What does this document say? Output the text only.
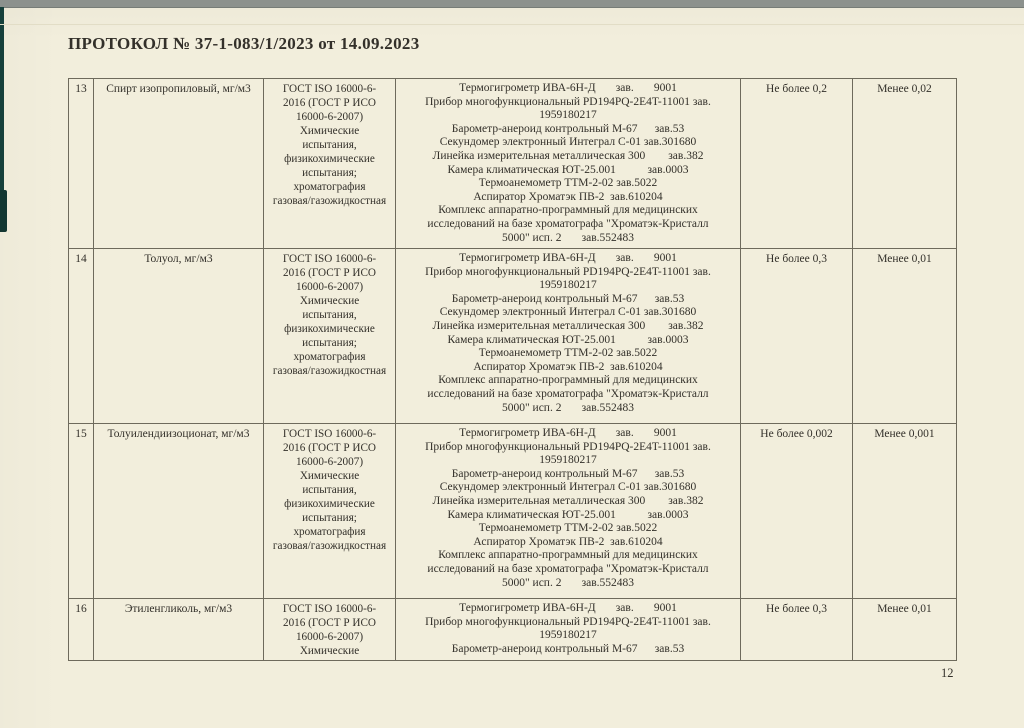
ПРОТОКОЛ № 37-1-083/1/2023 от 14.09.2023
13	Спирт изопропиловый, мг/м3	ГОСТ ISO 16000-6-
2016 (ГОСТ Р ИСО
16000-6-2007)
Химические
испытания,
физикохимические
испытания;
хроматография
газовая/газожидкостная

Термогигрометр ИВА-6Н-Д       зав.       9001
Прибор многофункциональный PD194PQ-2E4T-11001 зав.
1959180217
Барометр-анероид контрольный М-67      зав.53
Секундомер электронный Интеграл С-01 зав.301680
Линейка измерительная металлическая 300        зав.382
Камера климатическая ЮТ-25.001           зав.0003
Термоанемометр ТТМ-2-02 зав.5022
Аспиратор Хроматэк ПВ-2  зав.610204
Комплекс аппаратно-программный для медицинских
исследований на базе хроматографа "Хроматэк-Кристалл
5000" исп. 2       зав.552483
	Не более 0,2	Менее 0,02
14	Толуол, мг/м3	ГОСТ ISO 16000-6-
2016 (ГОСТ Р ИСО
16000-6-2007)
Химические
испытания,
физикохимические
испытания;
хроматография
газовая/газожидкостная

Термогигрометр ИВА-6Н-Д       зав.       9001
Прибор многофункциональный PD194PQ-2E4T-11001 зав.
1959180217
Барометр-анероид контрольный М-67      зав.53
Секундомер электронный Интеграл С-01 зав.301680
Линейка измерительная металлическая 300        зав.382
Камера климатическая ЮТ-25.001           зав.0003
Термоанемометр ТТМ-2-02 зав.5022
Аспиратор Хроматэк ПВ-2  зав.610204
Комплекс аппаратно-программный для медицинских
исследований на базе хроматографа "Хроматэк-Кристалл
5000" исп. 2       зав.552483
	Не более 0,3	Менее 0,01
15	Толуилендиизоционат, мг/м3	ГОСТ ISO 16000-6-
2016 (ГОСТ Р ИСО
16000-6-2007)
Химические
испытания,
физикохимические
испытания;
хроматография
газовая/газожидкостная

Термогигрометр ИВА-6Н-Д       зав.       9001
Прибор многофункциональный PD194PQ-2E4T-11001 зав.
1959180217
Барометр-анероид контрольный М-67      зав.53
Секундомер электронный Интеграл С-01 зав.301680
Линейка измерительная металлическая 300        зав.382
Камера климатическая ЮТ-25.001           зав.0003
Термоанемометр ТТМ-2-02 зав.5022
Аспиратор Хроматэк ПВ-2  зав.610204
Комплекс аппаратно-программный для медицинских
исследований на базе хроматографа "Хроматэк-Кристалл
5000" исп. 2       зав.552483
	Не более 0,002	Менее 0,001
16	Этиленгликоль, мг/м3	ГОСТ ISO 16000-6-
2016 (ГОСТ Р ИСО
16000-6-2007)
Химические

Термогигрометр ИВА-6Н-Д       зав.       9001
Прибор многофункциональный PD194PQ-2E4T-11001 зав.
1959180217
Барометр-анероид контрольный М-67      зав.53
	Не более 0,3	Менее 0,01
12
